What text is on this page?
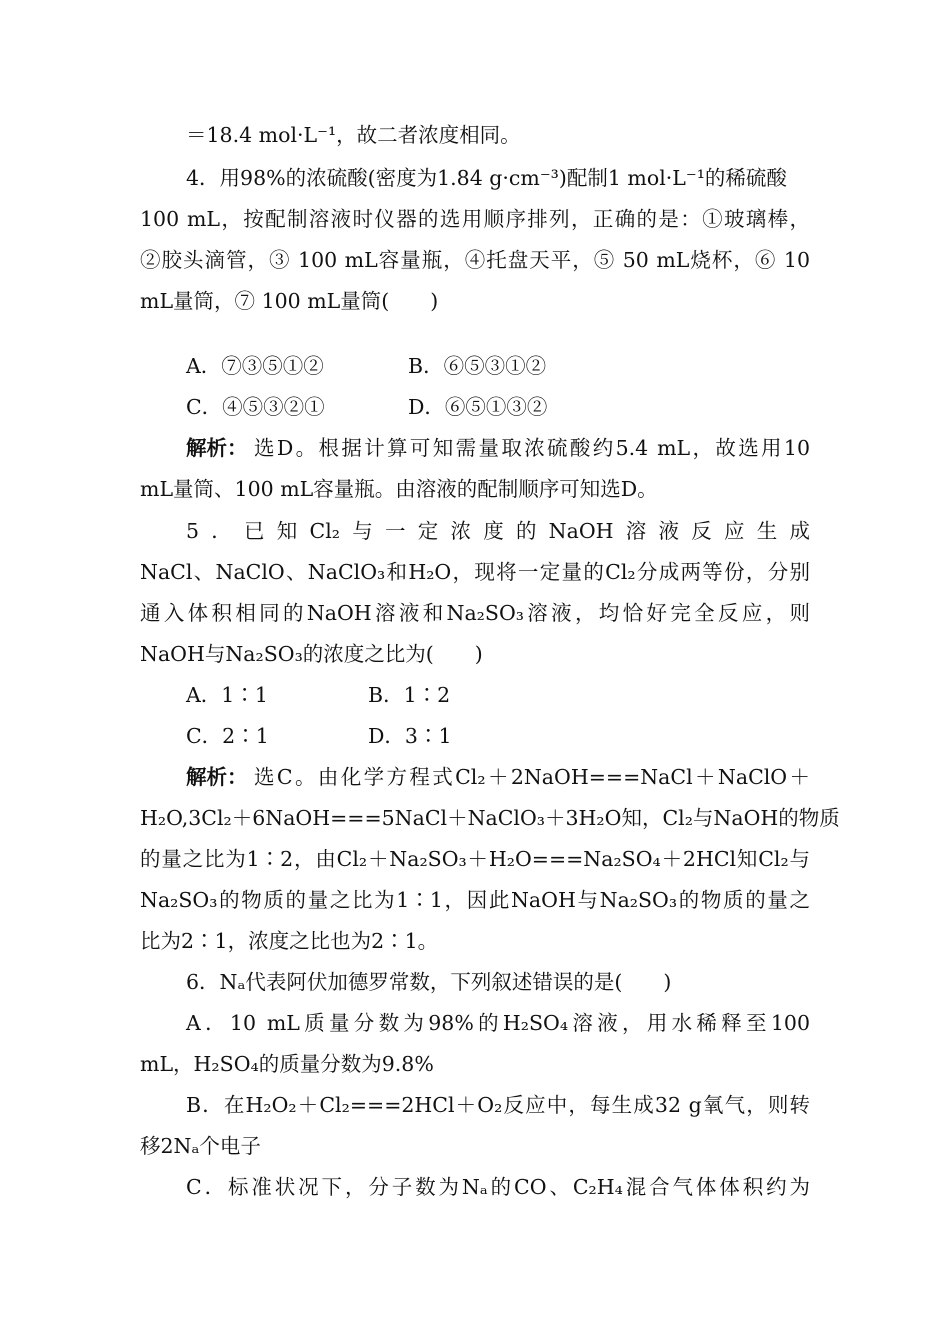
＝18.4 mol·L⁻¹，故二者浓度相同。
4．用98%的浓硫酸(密度为1.84 g·cm⁻³)配制1 mol·L⁻¹的稀硫酸
100 mL，按配制溶液时仪器的选用顺序排列，正确的是：①玻璃棒，
②胶头滴管，③ 100 mL容量瓶，④托盘天平，⑤ 50 mL烧杯，⑥ 10
mL量筒，⑦ 100 mL量筒(　　)
A．⑦③⑤①②	B．⑥⑤③①②
C．④⑤③②①	D．⑥⑤①③②
解析： 选D。根据计算可知需量取浓硫酸约5.4 mL，故选用10
mL量筒、100 mL容量瓶。由溶液的配制顺序可知选D。
5．已知Cl₂与一定浓度的NaOH溶液反应生成
NaCl、NaClO、NaClO₃和H₂O，现将一定量的Cl₂分成两等份，分别
通入体积相同的NaOH溶液和Na₂SO₃溶液，均恰好完全反应，则
NaOH与Na₂SO₃的浓度之比为(　　)
A．1∶1	B．1∶2
C．2∶1	D．3∶1
解析： 选C。由化学方程式Cl₂＋2NaOH===NaCl＋NaClO＋
H₂O,3Cl₂＋6NaOH===5NaCl＋NaClO₃＋3H₂O知，Cl₂与NaOH的物质
的量之比为1∶2，由Cl₂＋Na₂SO₃＋H₂O===Na₂SO₄＋2HCl知Cl₂与
Na₂SO₃的物质的量之比为1∶1，因此NaOH与Na₂SO₃的物质的量之
比为2∶1，浓度之比也为2∶1。
6．Nₐ代表阿伏加德罗常数，下列叙述错误的是(　　)
A．10 mL质量分数为98%的H₂SO₄溶液，用水稀释至100
mL，H₂SO₄的质量分数为9.8%
B．在H₂O₂＋Cl₂===2HCl＋O₂反应中，每生成32 g氧气，则转
移2Nₐ个电子
C．标准状况下，分子数为Nₐ的CO、C₂H₄混合气体体积约为
